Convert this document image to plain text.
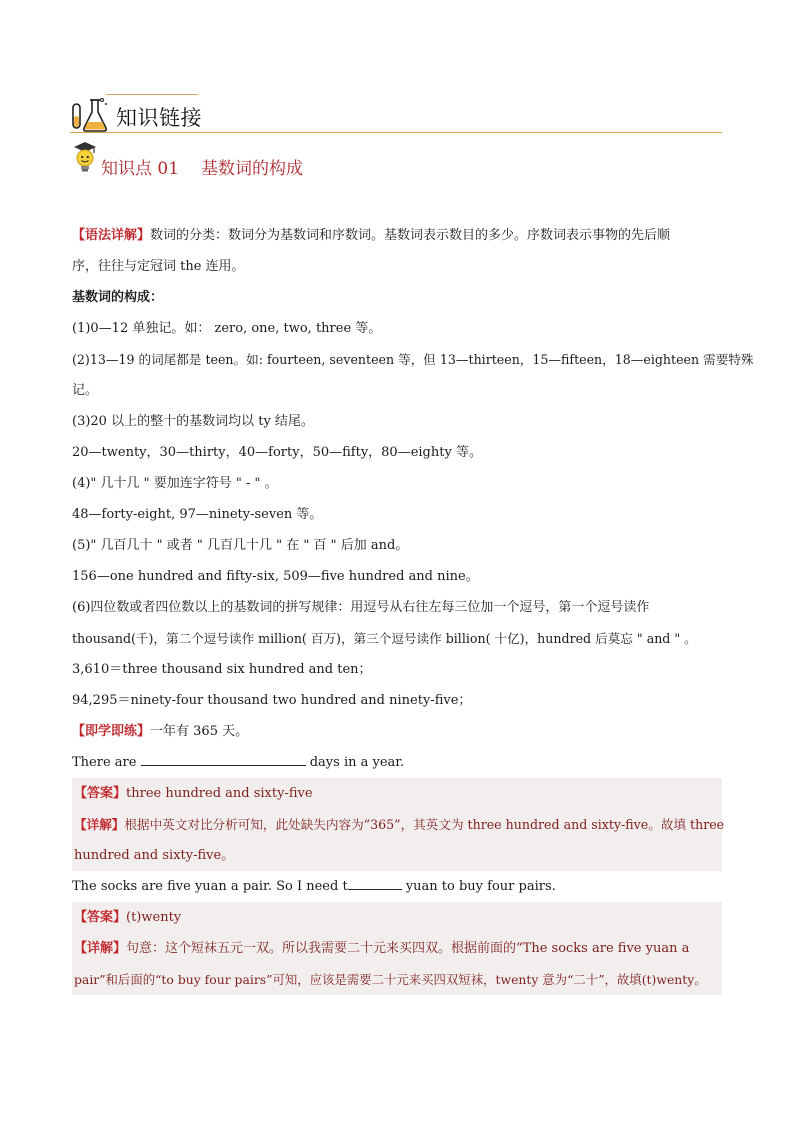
知识链接
知识点 01 基数词的构成

【语法详解】数词的分类：数词分为基数词和序数词。基数词表示数目的多少。序数词表示事物的先后顺

序，往往与定冠词 the 连用。

基数词的构成：

(1)0—12 单独记。如： zero, one, two, three 等。

(2)13—19 的词尾都是 teen。如: fourteen, seventeen 等，但 13—thirteen，15—fifteen，18—eighteen 需要特殊

记。

(3)20 以上的整十的基数词均以 ty 结尾。

20—twenty，30—thirty，40—forty，50—fifty，80—eighty 等。

(4)" 几十几 " 要加连字符号 " - " 。

48—forty-eight, 97—ninety-seven 等。

(5)" 几百几十 " 或者 " 几百几十几 " 在 " 百 " 后加 and。

156—one hundred and fifty-six, 509—five hundred and nine。

(6)四位数或者四位数以上的基数词的拼写规律：用逗号从右往左每三位加一个逗号，第一个逗号读作

thousand(千)，第二个逗号读作 million( 百万)，第三个逗号读作 billion( 十亿)，hundred 后莫忘 " and " 。

3,610＝three thousand six hundred and ten；

94,295＝ninety-four thousand two hundred and ninety-five；

【即学即练】一年有 365 天。

There are	days in a year.

【答案】three hundred and sixty-five

【详解】根据中英文对比分析可知，此处缺失内容为“365”，其英文为 three hundred and sixty-five。故填 three

hundred and sixty-five。

The socks are five yuan a pair. So I need t	yuan to buy four pairs.

【答案】(t)wenty

【详解】句意：这个短袜五元一双。所以我需要二十元来买四双。根据前面的“The socks are five yuan a

pair”和后面的“to buy four pairs”可知，应该是需要二十元来买四双短袜，twenty 意为“二十”，故填(t)wenty。
